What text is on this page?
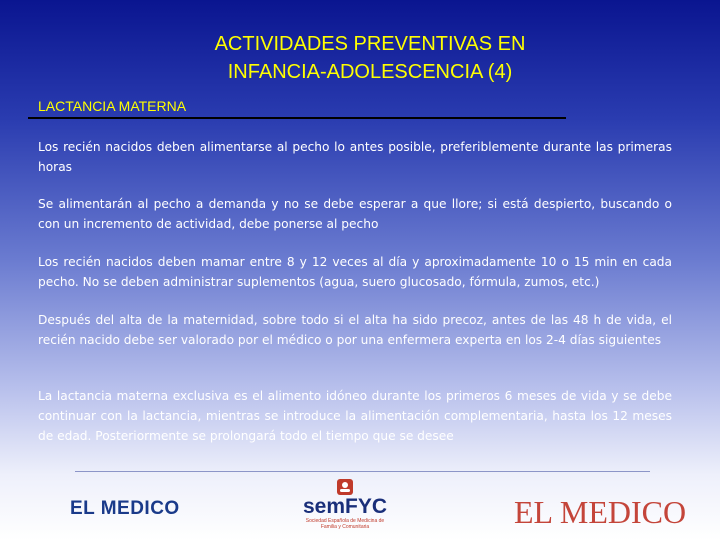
ACTIVIDADES PREVENTIVAS EN
INFANCIA-ADOLESCENCIA (4)
LACTANCIA MATERNA
Los recién nacidos deben alimentarse al pecho lo antes posible, preferiblemente durante las primeras horas
Se alimentarán al pecho a demanda y no se debe esperar a que llore; si está despierto, buscando o con un incremento de actividad, debe ponerse al pecho
Los recién nacidos deben mamar entre 8 y 12 veces al día y aproximadamente 10 o 15 min en cada pecho. No se deben administrar suplementos (agua, suero glucosado, fórmula, zumos, etc.)
Después del alta de la maternidad, sobre todo si el alta ha sido precoz, antes de las 48 h de vida, el recién nacido debe ser valorado por el médico o por una enfermera experta en los 2-4 días siguientes
La lactancia materna exclusiva es el alimento idóneo durante los primeros 6 meses de vida y se debe continuar con la lactancia, mientras se introduce la alimentación complementaria, hasta los 12 meses de edad. Posteriormente se prolongará todo el tiempo que se desee
EL MEDICO	semFYC
Sociedad Española de Medicina de Familia y Comunitaria	EL MEDICO
